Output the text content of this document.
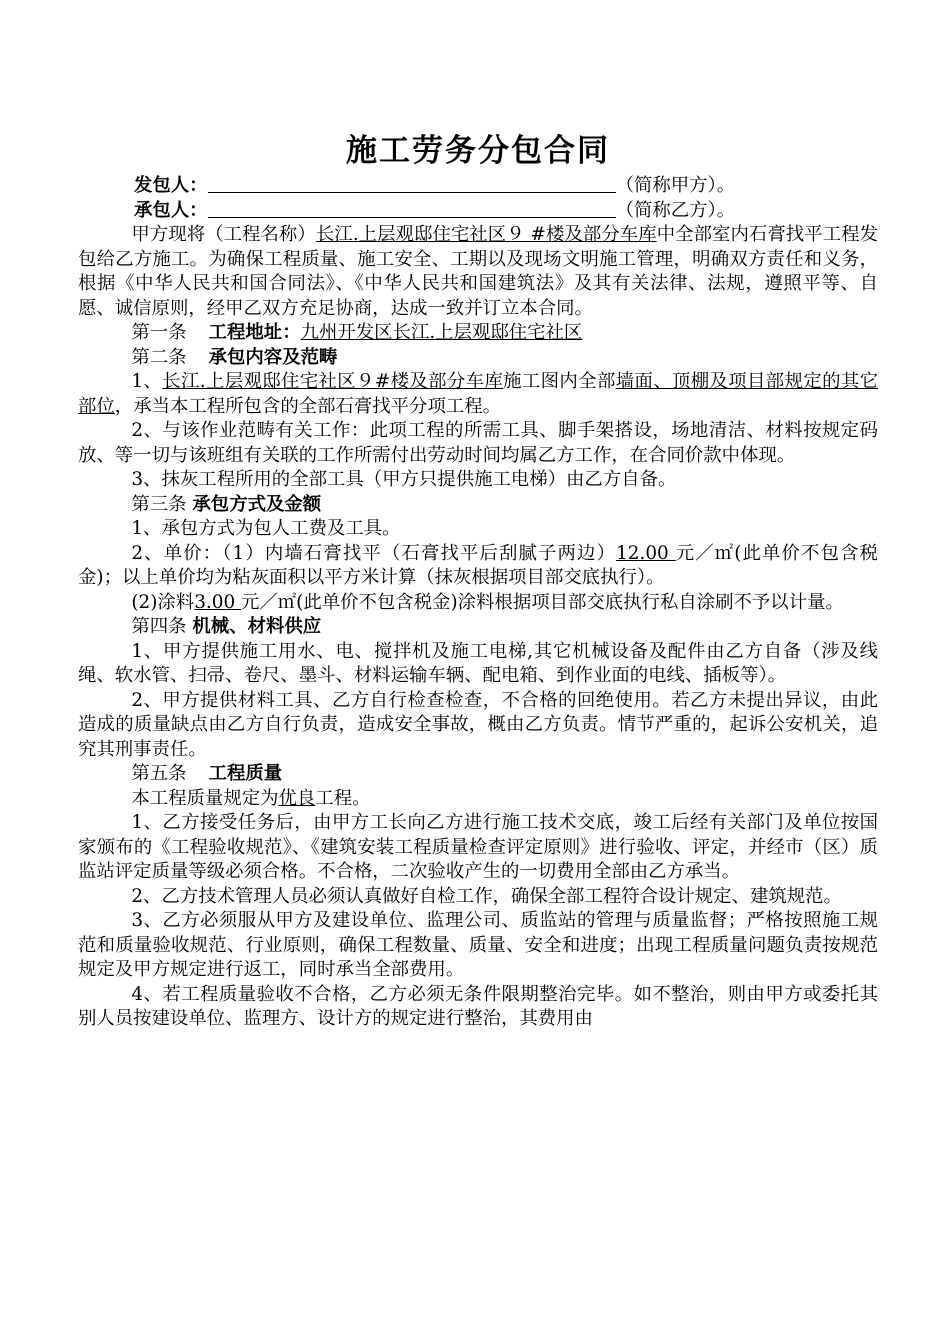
施工劳务分包合同

发包人：	（简称甲方）。

承包人：	（简称乙方）。

甲方现将（工程名称）长江.上层观邸住宅社区９ #楼及部分车库中全部室内石膏找平工程发包给乙方施工。为确保工程质量、施工安全、工期以及现场文明施工管理，明确双方责任和义务，根据《中华人民共和国合同法》、《中华人民共和国建筑法》及其有关法律、法规，遵照平等、自愿、诚信原则，经甲乙双方充足协商，达成一致并订立本合同。

第一条 工程地址：九州开发区长江.上层观邸住宅社区

第二条 承包内容及范畴

1、长江.上层观邸住宅社区９#楼及部分车库施工图内全部墙面、顶棚及项目部规定的其它部位，承当本工程所包含的全部石膏找平分项工程。

2、与该作业范畴有关工作：此项工程的所需工具、脚手架搭设，场地清洁、材料按规定码放、等一切与该班组有关联的工作所需付出劳动时间均属乙方工作，在合同价款中体现。

3、抹灰工程所用的全部工具（甲方只提供施工电梯）由乙方自备。

第三条 承包方式及金额

1、承包方式为包人工费及工具。

2、单价：（1）内墙石膏找平（石膏找平后刮腻子两边）12.00 元／㎡(此单价不包含税金)；以上单价均为粘灰面积以平方米计算（抹灰根据项目部交底执行）。

(2)涂料3.00 元／㎡(此单价不包含税金)涂料根据项目部交底执行私自涂刷不予以计量。

第四条 机械、材料供应

1、甲方提供施工用水、电、搅拌机及施工电梯,其它机械设备及配件由乙方自备（涉及线绳、软水管、扫帚、卷尺、墨斗、材料运输车辆、配电箱、到作业面的电线、插板等）。

2、甲方提供材料工具、乙方自行检查检查，不合格的回绝使用。若乙方未提出异议，由此造成的质量缺点由乙方自行负责，造成安全事故，概由乙方负责。情节严重的，起诉公安机关，追究其刑事责任。

第五条 工程质量

本工程质量规定为优良工程。

1、乙方接受任务后，由甲方工长向乙方进行施工技术交底，竣工后经有关部门及单位按国家颁布的《工程验收规范》、《建筑安装工程质量检查评定原则》进行验收、评定，并经市（区）质监站评定质量等级必须合格。不合格，二次验收产生的一切费用全部由乙方承当。

2、乙方技术管理人员必须认真做好自检工作，确保全部工程符合设计规定、建筑规范。

3、乙方必须服从甲方及建设单位、监理公司、质监站的管理与质量监督；严格按照施工规范和质量验收规范、行业原则，确保工程数量、质量、安全和进度；出现工程质量问题负责按规范规定及甲方规定进行返工，同时承当全部费用。

4、若工程质量验收不合格，乙方必须无条件限期整治完毕。如不整治，则由甲方或委托其别人员按建设单位、监理方、设计方的规定进行整治，其费用由
